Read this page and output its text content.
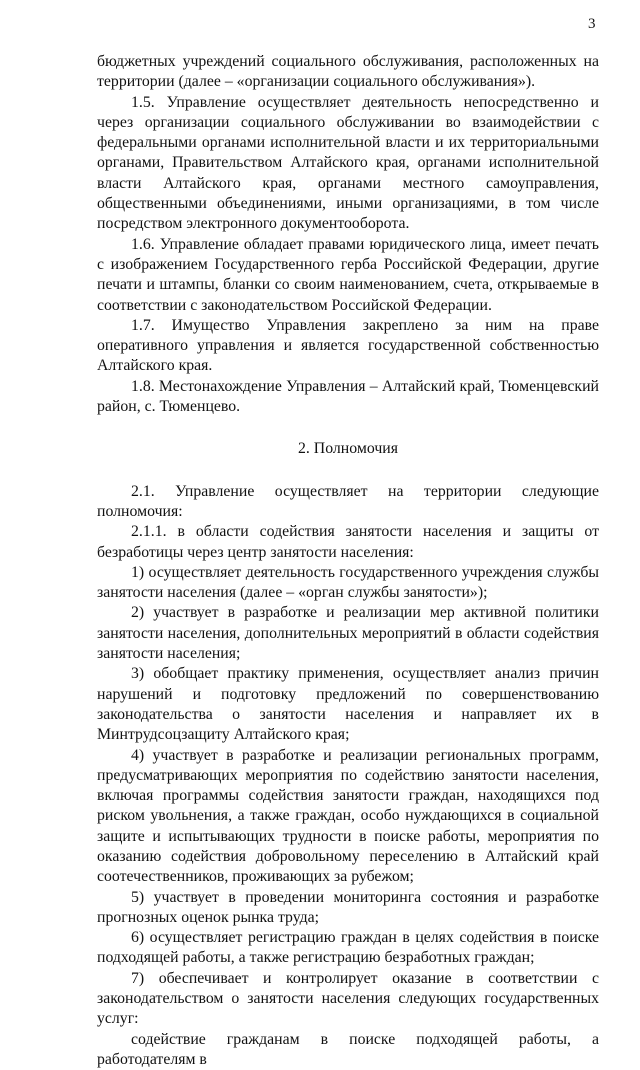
3

бюджетных учреждений социального обслуживания, расположенных на территории (далее – «организации социального обслуживания»).

1.5. Управление осуществляет деятельность непосредственно и через организации социального обслуживании во взаимодействии с федеральными органами исполнительной власти и их территориальными органами, Правительством Алтайского края, органами исполнительной власти Алтайского края, органами местного самоуправления, общественными объединениями, иными организациями, в том числе посредством электронного документооборота.

1.6. Управление обладает правами юридического лица, имеет печать с изображением Государственного герба Российской Федерации, другие печати и штампы, бланки со своим наименованием, счета, открываемые в соответствии с законодательством Российской Федерации.

1.7. Имущество Управления закреплено за ним на праве оперативного управления и является государственной собственностью Алтайского края.

1.8. Местонахождение Управления – Алтайский край, Тюменцевский район, с. Тюменцево.

2. Полномочия

2.1. Управление осуществляет на территории следующие полномочия:

2.1.1. в области содействия занятости населения и защиты от безработицы через центр занятости населения:

1) осуществляет деятельность государственного учреждения службы занятости населения (далее – «орган службы занятости»);

2) участвует в разработке и реализации мер активной политики занятости населения, дополнительных мероприятий в области содействия занятости населения;

3) обобщает практику применения, осуществляет анализ причин нарушений и подготовку предложений по совершенствованию законодательства о занятости населения и направляет их в Минтрудсоцзащиту Алтайского края;

4) участвует в разработке и реализации региональных программ, предусматривающих мероприятия по содействию занятости населения, включая программы содействия занятости граждан, находящихся под риском увольнения, а также граждан, особо нуждающихся в социальной защите и испытывающих трудности в поиске работы, мероприятия по оказанию содействия добровольному переселению в Алтайский край соотечественников, проживающих за рубежом;

5) участвует в проведении мониторинга состояния и разработке прогнозных оценок рынка труда;

6) осуществляет регистрацию граждан в целях содействия в поиске подходящей работы, а также регистрацию безработных граждан;

7) обеспечивает и контролирует оказание в соответствии с законодательством о занятости населения следующих государственных услуг:

содействие гражданам в поиске подходящей работы, а работодателям в
